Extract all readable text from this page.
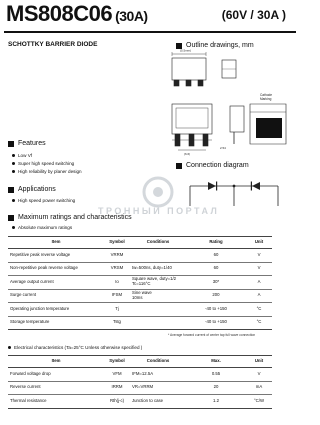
MS808C06 (30A)	(60V / 30A )
SCHOTTKY BARRIER DIODE	Outline drawings, mm
Cathode
Marking
(5.5mm)
(6.6)
2.54
Features
Low Vf
Super high speed switching
High reliability by planer design
Connection diagram
Applications
High speed power switching
ТРОННЫЙ ПОРТАЛ
Maximum ratings and characteristics
Absolute maximum ratings
Item	Symbol	Conditions	Rating	Unit
Repetitive peak reverse voltage	VRRM		60	V
Non-repetitive peak reverse voltage	VRSM	tw=500ns, duty=1/40	60	V
Average output current	Io	Square wave, duty=1/2
Tc=116°C	30*	A
Surge current	IFSM	Sine wave
10ms	200	A
Operating junction temperature	Tj		-40 to +150	°C
Storage temperature	Tstg		-40 to +150	°C
* Average forward current of center tap full wave connection
Electrical characteristics (Ta=25°C Unless otherwise specified )
Item	Symbol	Conditions	Max.	Unit
Forward voltage drop	VFM	IFM=12.5A	0.55	V
Reverse current	IRRM	VR=VRRM	20	mA
Thermal resistance	Rth(j-c)	Junction to case	1.2	°C/W
